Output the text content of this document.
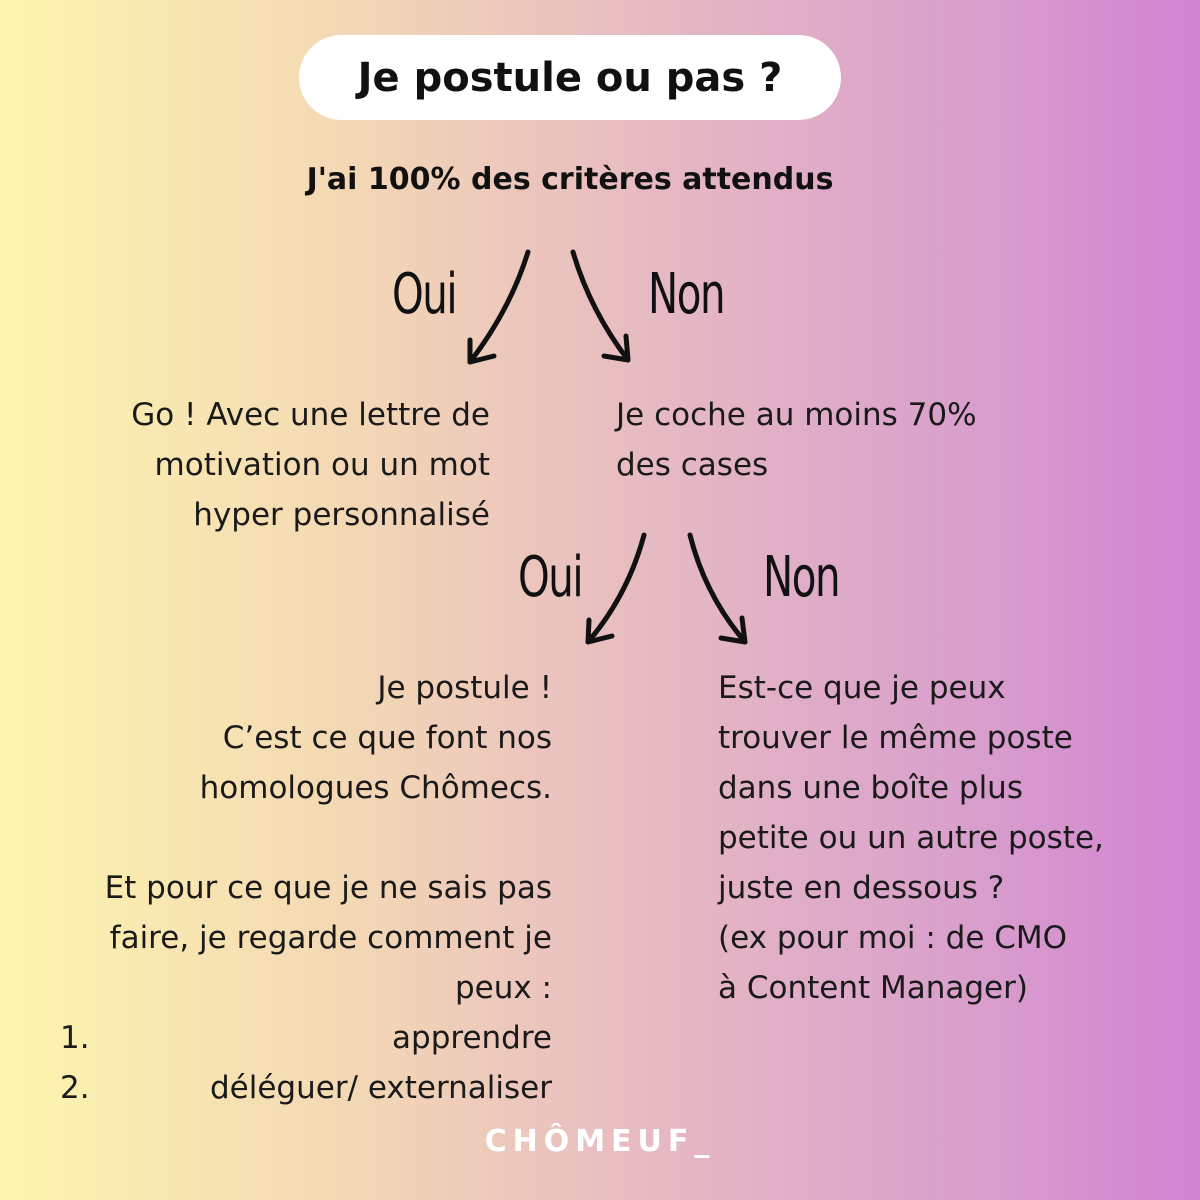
Je postule ou pas ?
J'ai 100% des critères attendus
Oui	Non

Go ! Avec une lettre de

motivation ou un mot

hyper personnalisé

Je coche au moins 70%

des cases

Oui	Non

Je postule !

C’est ce que font nos

homologues Chômecs.

Et pour ce que je ne sais pas

faire, je regarde comment je

peux :

1.	apprendre
2.	déléguer/ externaliser

Est-ce que je peux

trouver le même poste

dans une boîte plus

petite ou un autre poste,

juste en dessous ?

(ex pour moi : de CMO

à Content Manager)

CHÔMEUF_
